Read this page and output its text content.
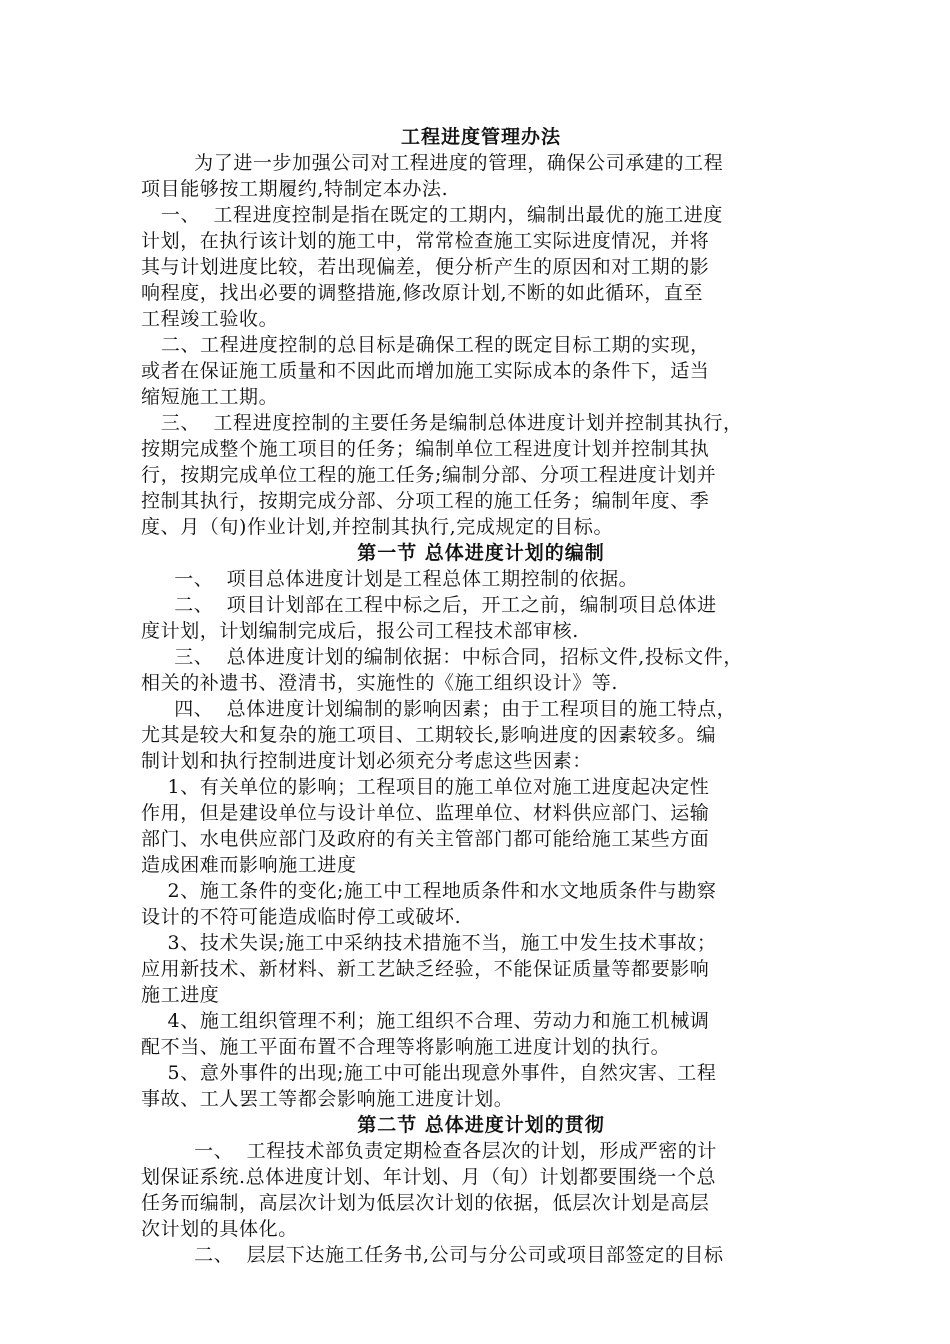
工程进度管理办法

为了进一步加强公司对工程进度的管理，确保公司承建的工程
项目能够按工期履约,特制定本办法.

一、  工程进度控制是指在既定的工期内，编制出最优的施工进度
计划，在执行该计划的施工中，常常检查施工实际进度情况，并将
其与计划进度比较，若出现偏差，便分析产生的原因和对工期的影
响程度，找出必要的调整措施,修改原计划,不断的如此循环，直至
工程竣工验收。

二、工程进度控制的总目标是确保工程的既定目标工期的实现，
或者在保证施工质量和不因此而增加施工实际成本的条件下，适当
缩短施工工期。

三、  工程进度控制的主要任务是编制总体进度计划并控制其执行，
按期完成整个施工项目的任务；编制单位工程进度计划并控制其执
行，按期完成单位工程的施工任务;编制分部、分项工程进度计划并
控制其执行，按期完成分部、分项工程的施工任务；编制年度、季
度、月（旬)作业计划,并控制其执行,完成规定的目标。

第一节 总体进度计划的编制

一、  项目总体进度计划是工程总体工期控制的依据。

二、  项目计划部在工程中标之后，开工之前，编制项目总体进
度计划，计划编制完成后，报公司工程技术部审核.

三、  总体进度计划的编制依据：中标合同，招标文件,投标文件，
相关的补遗书、澄清书，实施性的《施工组织设计》等.

四、  总体进度计划编制的影响因素；由于工程项目的施工特点，
尤其是较大和复杂的施工项目、工期较长,影响进度的因素较多。编
制计划和执行控制进度计划必须充分考虑这些因素：

1、有关单位的影响；工程项目的施工单位对施工进度起决定性
作用，但是建设单位与设计单位、监理单位、材料供应部门、运输
部门、水电供应部门及政府的有关主管部门都可能给施工某些方面
造成困难而影响施工进度

2、施工条件的变化;施工中工程地质条件和水文地质条件与勘察
设计的不符可能造成临时停工或破坏.

3、技术失误;施工中采纳技术措施不当，施工中发生技术事故；
应用新技术、新材料、新工艺缺乏经验，不能保证质量等都要影响
施工进度

4、施工组织管理不利；施工组织不合理、劳动力和施工机械调
配不当、施工平面布置不合理等将影响施工进度计划的执行。

5、意外事件的出现;施工中可能出现意外事件，自然灾害、工程
事故、工人罢工等都会影响施工进度计划。

第二节 总体进度计划的贯彻

一、  工程技术部负责定期检查各层次的计划，形成严密的计
划保证系统.总体进度计划、年计划、月（旬）计划都要围绕一个总
任务而编制，高层次计划为低层次计划的依据，低层次计划是高层
次计划的具体化。

二、  层层下达施工任务书,公司与分公司或项目部签定的目标
